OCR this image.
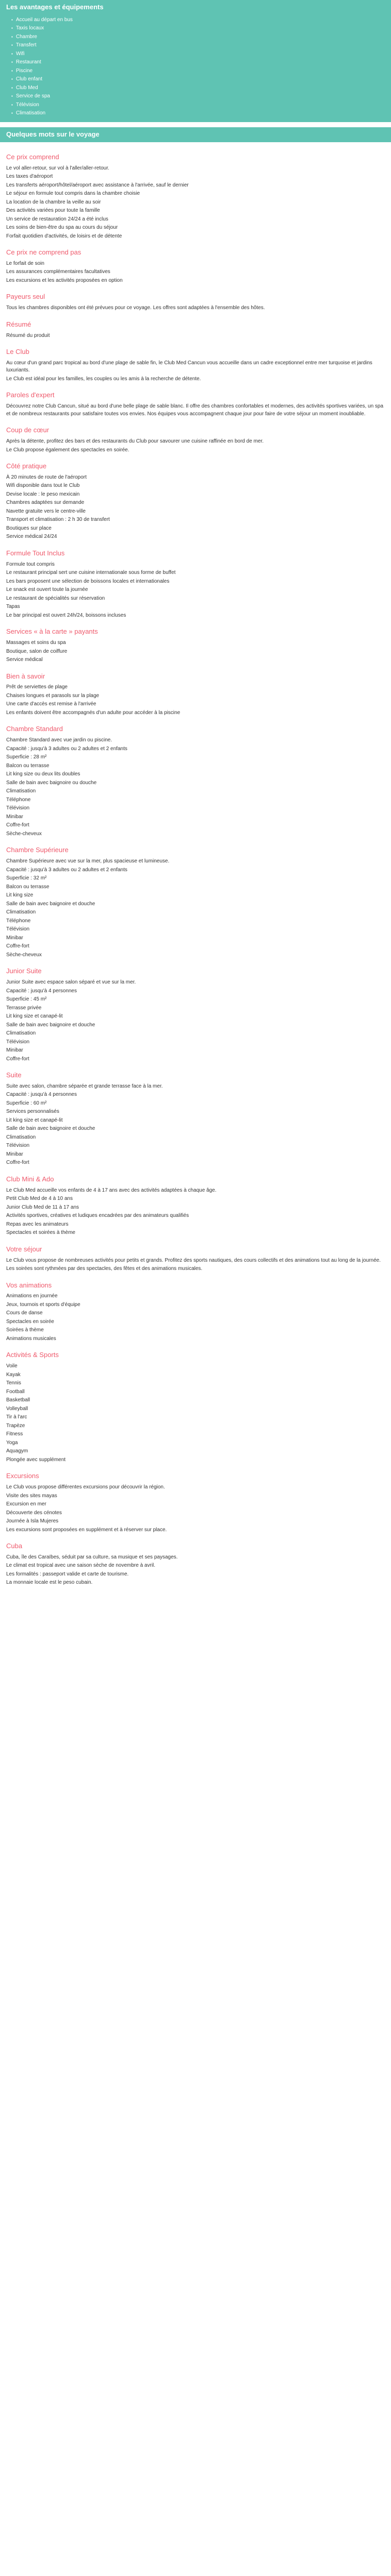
Les avantages et équipements
▪ Accueil au départ en bus
▪ Taxis locaux
▪ Chambre
▪ Transfert
▪ Wifi
▪ Restaurant
▪ Piscine
▪ Club enfant
▪ Club Med
▪ Service de spa
▪ Télévision
▪ Climatisation
Quelques mots sur le voyage
Ce prix comprend
Le vol aller-retour, sur vol à l'aller/aller-retour.
Les taxes d'aéroport
Les transferts aéroport/hôtel/aéroport avec assistance à l'arrivée, sauf le dernier
Le séjour en formule tout compris dans la chambre choisie
La location de la chambre la veille au soir
Des activités variées pour toute la famille
Un service de restauration 24/24 a été inclus
Les soins de bien-être du spa au cours du séjour
Forfait quotidien d'activités, de loisirs et de détente
Ce prix ne comprend pas
Le forfait de soin
Les assurances complémentaires facultatives
Les excursions et les activités proposées en option
Payeurs seul
Tous les chambres disponibles ont été prévues pour ce voyage. Les offres sont adaptées à l'ensemble des hôtes.
Résumé
Résumé du produit
Le Club
Au cœur d'un grand parc tropical au bord d'une plage de sable fin, le Club Med Cancun vous accueille dans un cadre exceptionnel entre mer turquoise et jardins luxuriants.
Le Club est idéal pour les familles, les couples ou les amis à la recherche de détente.
Paroles d'expert
Découvrez notre Club Cancun, situé au bord d'une belle plage de sable blanc. Il offre des chambres confortables et modernes, des activités sportives variées, un spa et de nombreux restaurants pour satisfaire toutes vos envies. Nos équipes vous accompagnent chaque jour pour faire de votre séjour un moment inoubliable.
Coup de cœur
Après la détente, profitez des bars et des restaurants du Club pour savourer une cuisine raffinée en bord de mer.
Le Club propose également des spectacles en soirée.
Côté pratique
À 20 minutes de route de l'aéroport
Wifi disponible dans tout le Club
Devise locale : le peso mexicain
Chambres adaptées sur demande
Navette gratuite vers le centre-ville
Transport et climatisation : 2 h 30 de transfert
Boutiques sur place
Service médical 24/24
Formule Tout Inclus
Formule tout compris
Le restaurant principal sert une cuisine internationale sous forme de buffet
Les bars proposent une sélection de boissons locales et internationales
Le snack est ouvert toute la journée
Le restaurant de spécialités sur réservation
Tapas
Le bar principal est ouvert 24h/24, boissons incluses
Services « à la carte » payants
Massages et soins du spa
Boutique, salon de coiffure
Service médical
Bien à savoir
Prêt de serviettes de plage
Chaises longues et parasols sur la plage
Une carte d'accès est remise à l'arrivée
Les enfants doivent être accompagnés d'un adulte pour accéder à la piscine
Chambre Standard
Chambre Standard avec vue jardin ou piscine.
Capacité : jusqu'à 3 adultes ou 2 adultes et 2 enfants
Superficie : 28 m²
Balcon ou terrasse
Lit king size ou deux lits doubles
Salle de bain avec baignoire ou douche
Climatisation
Téléphone
Télévision
Minibar
Coffre-fort
Sèche-cheveux
Chambre Supérieure
Chambre Supérieure avec vue sur la mer, plus spacieuse et lumineuse.
Capacité : jusqu'à 3 adultes ou 2 adultes et 2 enfants
Superficie : 32 m²
Balcon ou terrasse
Lit king size
Salle de bain avec baignoire et douche
Climatisation
Téléphone
Télévision
Minibar
Coffre-fort
Sèche-cheveux
Junior Suite
Junior Suite avec espace salon séparé et vue sur la mer.
Capacité : jusqu'à 4 personnes
Superficie : 45 m²
Terrasse privée
Lit king size et canapé-lit
Salle de bain avec baignoire et douche
Climatisation
Télévision
Minibar
Coffre-fort
Suite
Suite avec salon, chambre séparée et grande terrasse face à la mer.
Capacité : jusqu'à 4 personnes
Superficie : 60 m²
Services personnalisés
Lit king size et canapé-lit
Salle de bain avec baignoire et douche
Climatisation
Télévision
Minibar
Coffre-fort
Club Mini & Ado
Le Club Med accueille vos enfants de 4 à 17 ans avec des activités adaptées à chaque âge.
Petit Club Med de 4 à 10 ans
Junior Club Med de 11 à 17 ans
Activités sportives, créatives et ludiques encadrées par des animateurs qualifiés
Repas avec les animateurs
Spectacles et soirées à thème
Votre séjour
Le Club vous propose de nombreuses activités pour petits et grands. Profitez des sports nautiques, des cours collectifs et des animations tout au long de la journée.
Les soirées sont rythmées par des spectacles, des fêtes et des animations musicales.
Vos animations
Animations en journée
Jeux, tournois et sports d'équipe
Cours de danse
Spectacles en soirée
Soirées à thème
Animations musicales
Activités & Sports
Voile
Kayak
Tennis
Football
Basketball
Volleyball
Tir à l'arc
Trapèze
Fitness
Yoga
Aquagym
Plongée avec supplément
Excursions
Le Club vous propose différentes excursions pour découvrir la région.
Visite des sites mayas
Excursion en mer
Découverte des cénotes
Journée à Isla Mujeres
Les excursions sont proposées en supplément et à réserver sur place.
Cuba
Cuba, île des Caraïbes, séduit par sa culture, sa musique et ses paysages.
Le climat est tropical avec une saison sèche de novembre à avril.
Les formalités : passeport valide et carte de tourisme.
La monnaie locale est le peso cubain.
